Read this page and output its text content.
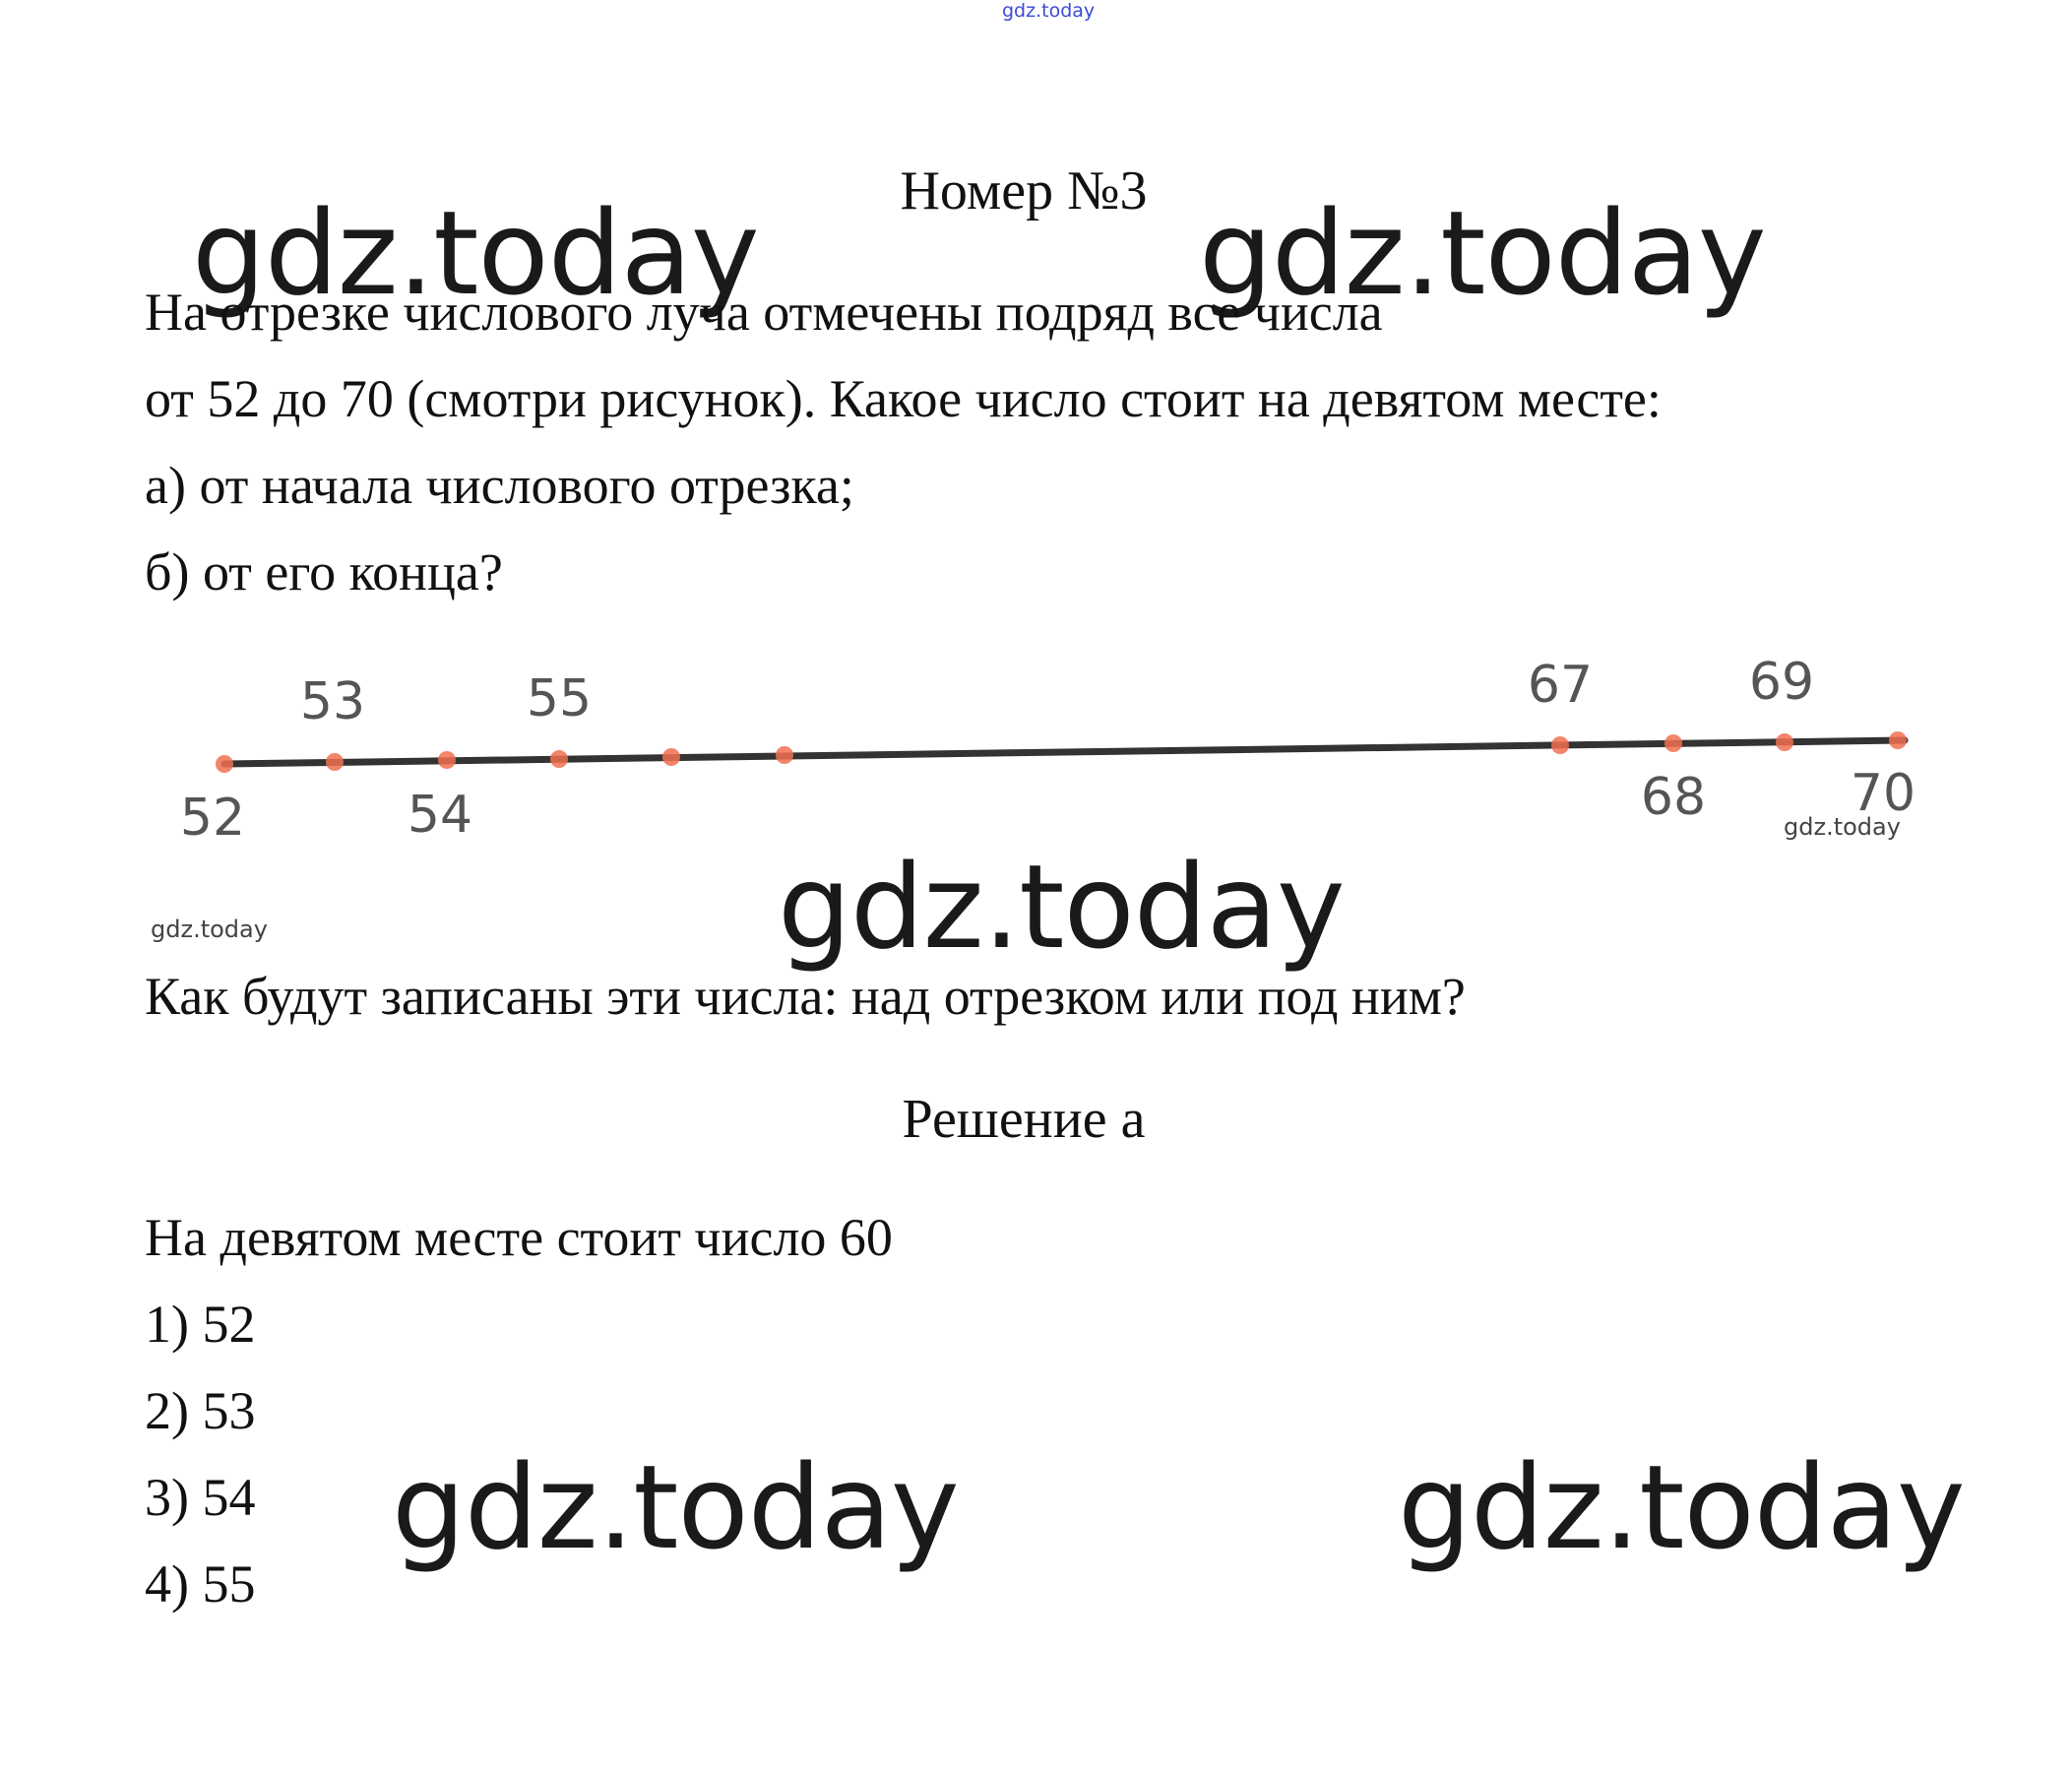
gdz.today
Номер №3
gdz.today	gdz.today
На отрезке числового луча отмечены подряд все числа
от 52 до 70 (смотри рисунок). Какое число стоит на девятом месте:
а) от начала числового отрезка;
б) от его конца?
53	55	67	69
52	54	68	70
gdz.today
gdz.today
gdz.today
Как будут записаны эти числа: над отрезком или под ним?
Решение а
На девятом месте стоит число 60
1) 52
2) 53
3) 54
4) 55
gdz.today	gdz.today
